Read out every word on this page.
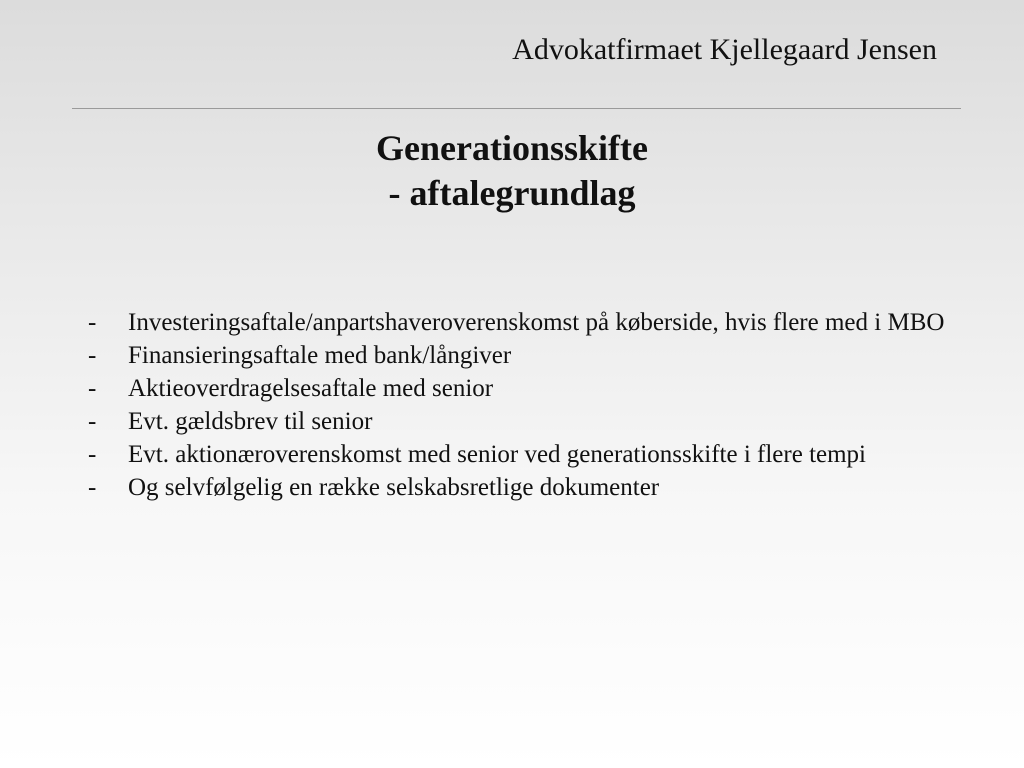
Advokatfirmaet Kjellegaard Jensen
Generationsskifte
- aftalegrundlag
- Investeringsaftale/anpartshaveroverenskomst på køberside, hvis flere med i MBO
- Finansieringsaftale med bank/långiver
- Aktieoverdragelsesaftale med senior
- Evt. gældsbrev til senior
- Evt. aktionæroverenskomst med senior ved generationsskifte i flere tempi
- Og selvfølgelig en række selskabsretlige dokumenter
